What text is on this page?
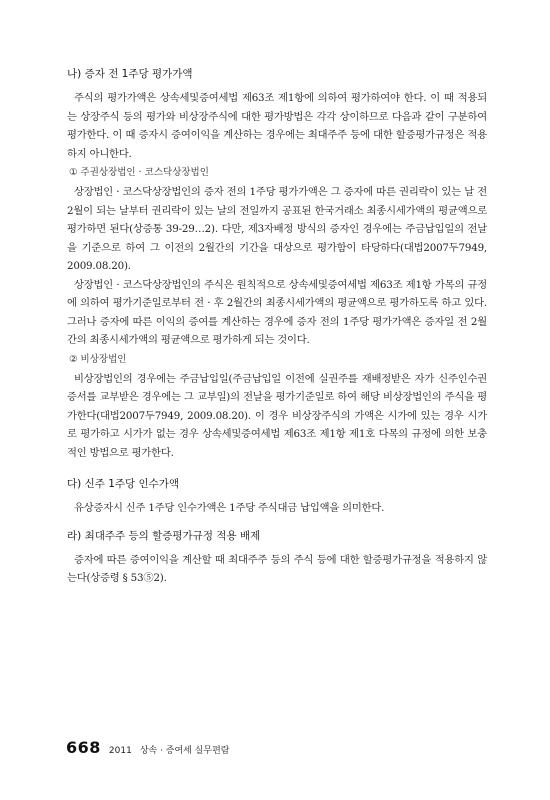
나) 증자 전 1주당 평가가액

주식의 평가가액은 상속세및증여세법 제63조 제1항에 의하여 평가하여야 한다. 이 때 적용되는 상장주식 등의 평가와 비상장주식에 대한 평가방법은 각각 상이하므로 다음과 같이 구분하여 평가한다. 이 때 증자시 증여이익을 계산하는 경우에는 최대주주 등에 대한 할증평가규정은 적용하지 아니한다.

① 주권상장법인 · 코스닥상장법인

상장법인 · 코스닥상장법인의 증자 전의 1주당 평가가액은 그 증자에 따른 권리락이 있는 날 전 2월이 되는 날부터 권리락이 있는 날의 전일까지 공표된 한국거래소 최종시세가액의 평균액으로 평가하면 된다(상증통 39-29…2). 다만, 제3자배정 방식의 증자인 경우에는 주금납입일의 전날을 기준으로 하여 그 이전의 2월간의 기간을 대상으로 평가함이 타당하다(대법2007두7949, 2009.08.20).

상장법인 · 코스닥상장법인의 주식은 원칙적으로 상속세및증여세법 제63조 제1항 가목의 규정에 의하여 평가기준일로부터 전 · 후 2월간의 최종시세가액의 평균액으로 평가하도록 하고 있다. 그러나 증자에 따른 이익의 증여를 계산하는 경우에 증자 전의 1주당 평가가액은 증자일 전 2월간의 최종시세가액의 평균액으로 평가하게 되는 것이다.

② 비상장법인

비상장법인의 경우에는 주금납입일(주금납입일 이전에 실권주를 재배정받은 자가 신주인수권증서를 교부받은 경우에는 그 교부일)의 전날을 평가기준일로 하여 해당 비상장법인의 주식을 평가한다(대법2007두7949, 2009.08.20). 이 경우 비상장주식의 가액은 시가에 있는 경우 시가로 평가하고 시가가 없는 경우 상속세및증여세법 제63조 제1항 제1호 다목의 규정에 의한 보충적인 방법으로 평가한다.

다) 신주 1주당 인수가액

유상증자시 신주 1주당 인수가액은 1주당 주식대금 납입액을 의미한다.

라) 최대주주 등의 할증평가규정 적용 배제

증자에 따른 증여이익을 계산할 때 최대주주 등의 주식 등에 대한 할증평가규정을 적용하지 않는다(상증령 § 53⑤2).

668 2011 상속 · 증여세 실무편람
